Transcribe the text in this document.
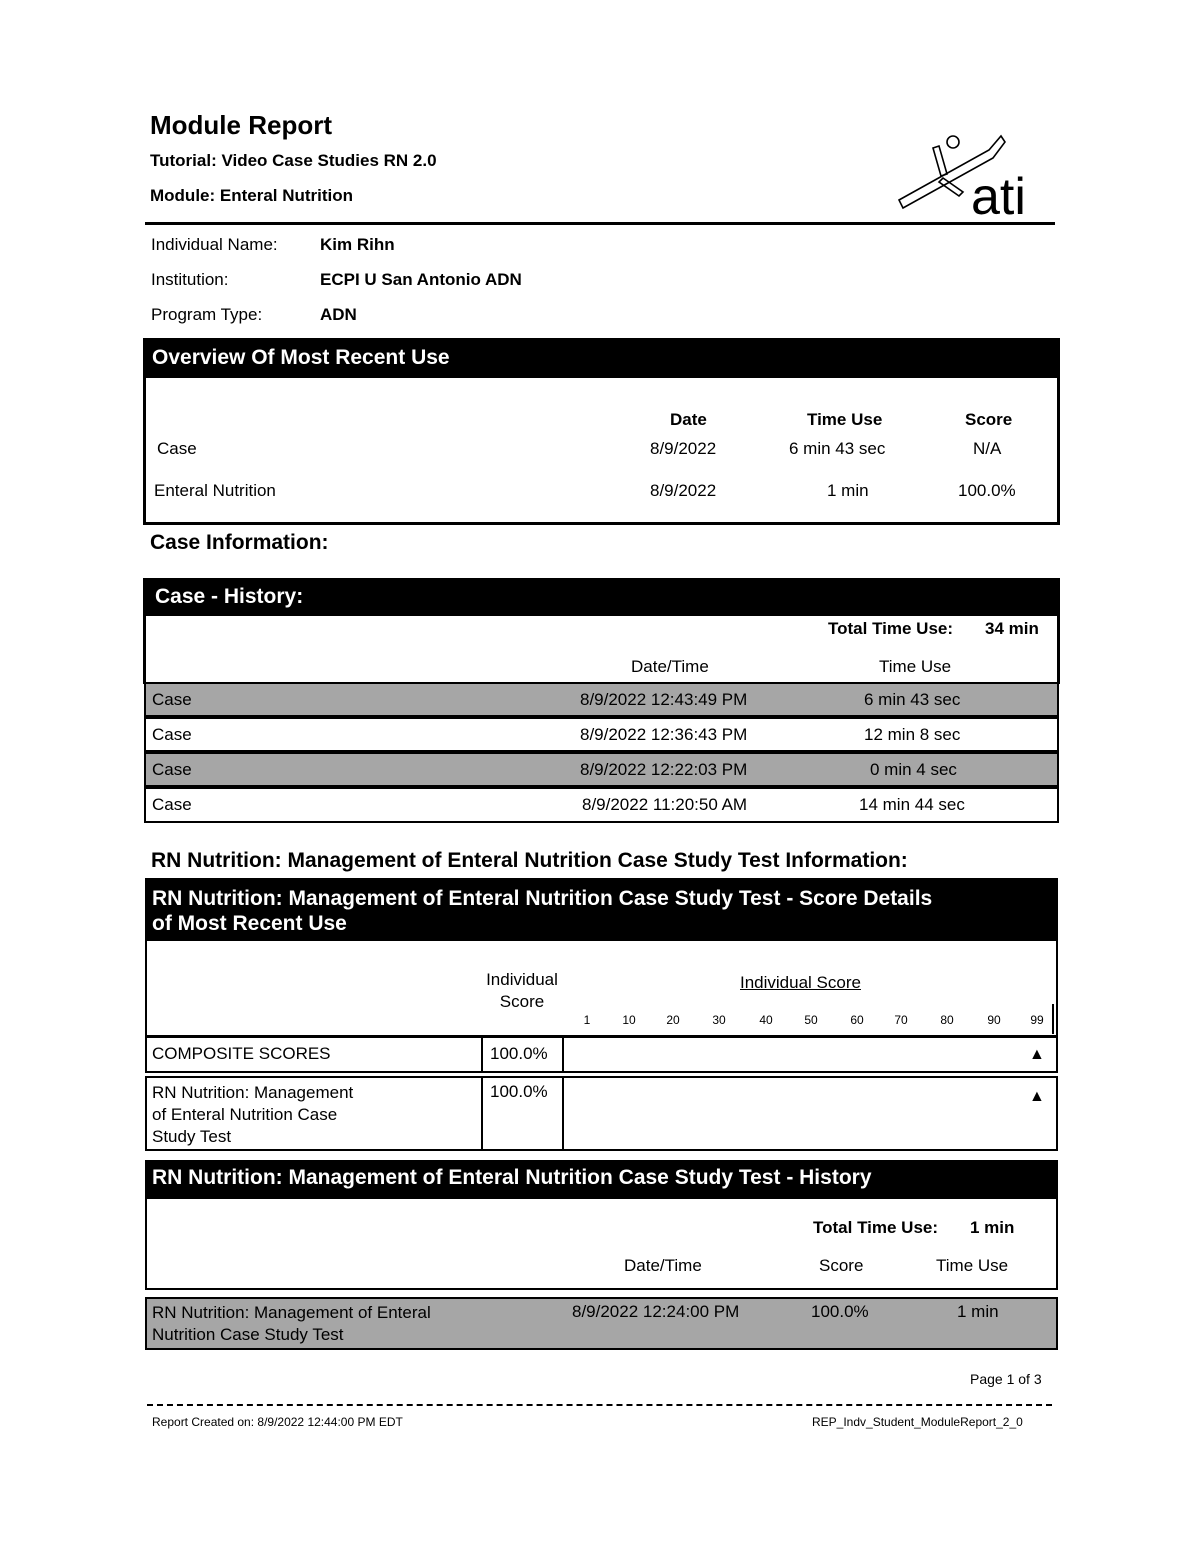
Module Report
Tutorial: Video Case Studies RN 2.0
Module: Enteral Nutrition	ati
Individual Name: Kim Rihn
Institution:	ECPI U San Antonio ADN
Program Type:	ADN
Overview Of Most Recent Use
Date	Time Use	Score
Case	8/9/2022	6 min 43 sec	N/A
Enteral Nutrition	8/9/2022	1 min	100.0%
Case Information:
Case - History:
Total Time Use: 34 min
Date/Time	Time Use
Case	8/9/2022 12:43:49 PM	6 min 43 sec
Case	8/9/2022 12:36:43 PM	12 min 8 sec
Case	8/9/2022 12:22:03 PM	0 min 4 sec
Case	8/9/2022 11:20:50 AM	14 min 44 sec
RN Nutrition: Management of Enteral Nutrition Case Study Test Information:
RN Nutrition: Management of Enteral Nutrition Case Study Test - Score Details
of Most Recent Use
Individual
Score
Individual Score
1	10	20	30	40	50	60	70	80	90 99
COMPOSITE SCORES	100.0%	▲
RN Nutrition: Management
of Enteral Nutrition Case
Study Test
100.0%	▲
RN Nutrition: Management of Enteral Nutrition Case Study Test - History
Total Time Use: 1 min
Date/Time	Score	Time Use
RN Nutrition: Management of Enteral
Nutrition Case Study Test
8/9/2022 12:24:00 PM	100.0%	1 min
Page 1 of 3
Report Created on: 8/9/2022 12:44:00 PM EDT	REP_Indv_Student_ModuleReport_2_0
